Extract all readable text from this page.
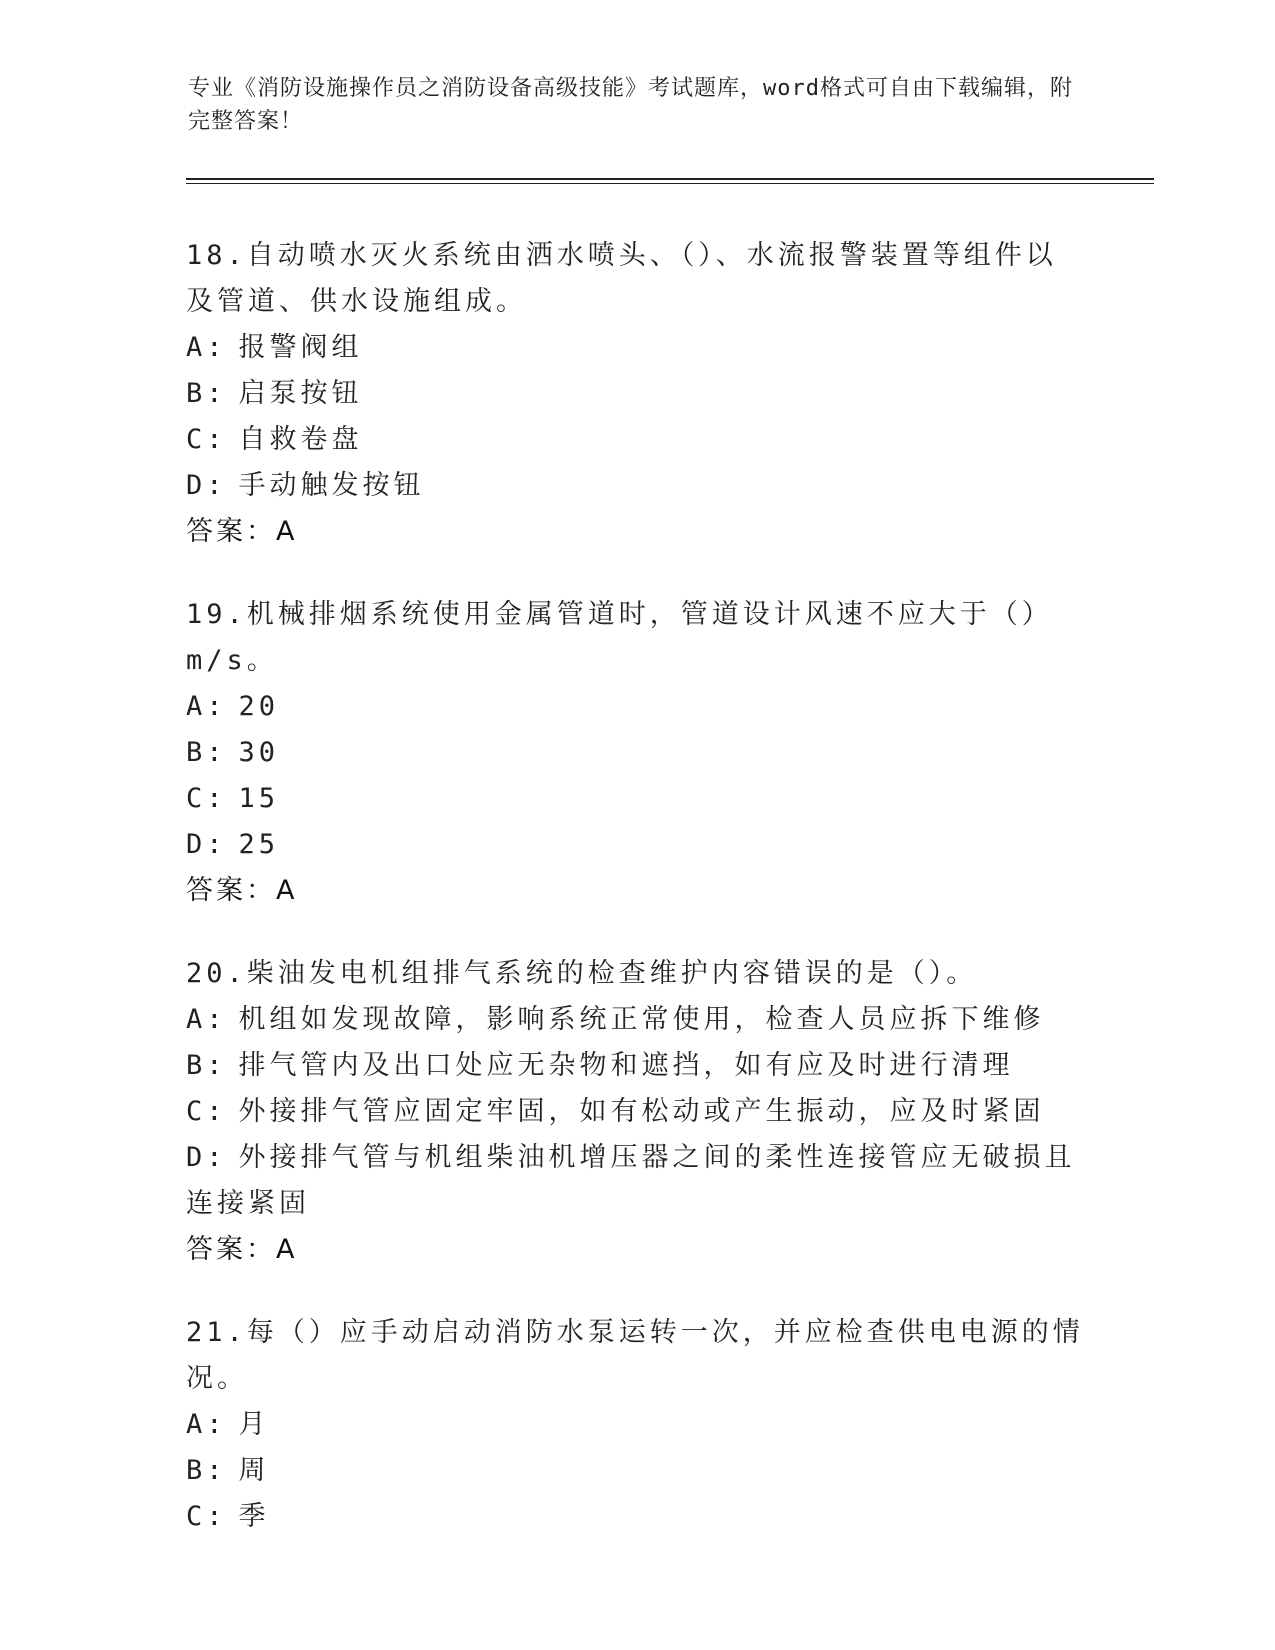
专业《消防设施操作员之消防设备高级技能》考试题库，word格式可自由下载编辑，附完整答案！
18.自动喷水灭火系统由洒水喷头、（）、水流报警装置等组件以及管道、供水设施组成。
A: 报警阀组
B: 启泵按钮
C: 自救卷盘
D: 手动触发按钮
答案：A
19.机械排烟系统使用金属管道时，管道设计风速不应大于（）m/s。
A: 20
B: 30
C: 15
D: 25
答案：A
20.柴油发电机组排气系统的检查维护内容错误的是（）。
A: 机组如发现故障，影响系统正常使用，检查人员应拆下维修
B: 排气管内及出口处应无杂物和遮挡，如有应及时进行清理
C: 外接排气管应固定牢固，如有松动或产生振动，应及时紧固
D: 外接排气管与机组柴油机增压器之间的柔性连接管应无破损且连接紧固
答案：A
21.每（）应手动启动消防水泵运转一次，并应检查供电电源的情况。
A: 月
B: 周
C: 季
